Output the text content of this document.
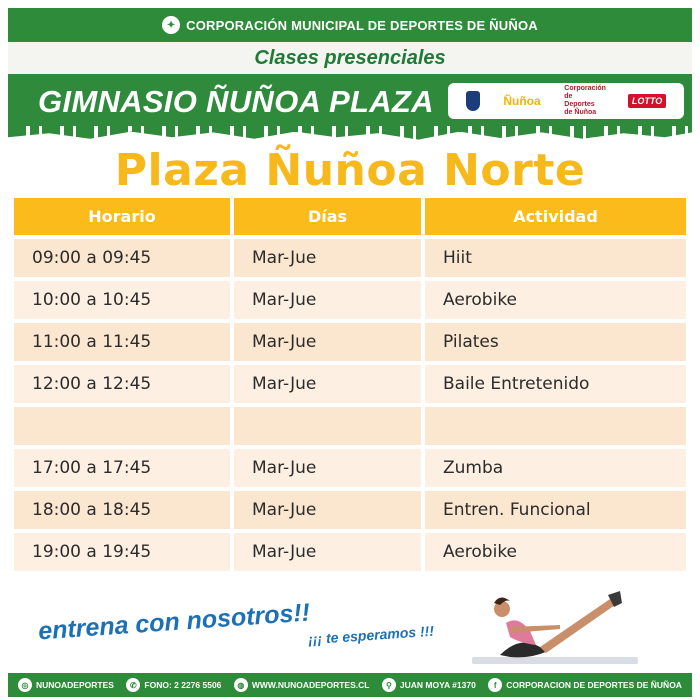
✦ CORPORACIÓN MUNICIPAL DE DEPORTES DE ÑUÑOA
Clases presenciales
GIMNASIO ÑUÑOA PLAZA	Ñuñoa
Corporación de Deportes de Ñuñoa
LOTTO
Plaza Ñuñoa Norte
Horario	Días	Actividad
09:00 a 09:45	Mar-Jue	Hiit
10:00 a 10:45	Mar-Jue	Aerobike
11:00 a 11:45	Mar-Jue	Pilates
12:00 a 12:45	Mar-Jue	Baile Entretenido
17:00 a 17:45	Mar-Jue	Zumba
18:00 a 18:45	Mar-Jue	Entren. Funcional
19:00 a 19:45	Mar-Jue	Aerobike
entrena con nosotros!!
¡¡¡ te esperamos !!!
◎ NUNOADEPORTES	✆ FONO: 2 2276 5506	◍ WWW.NUNOADEPORTES.CL	⚲ JUAN MOYA #1370	f	CORPORACION DE DEPORTES DE ÑUÑOA
